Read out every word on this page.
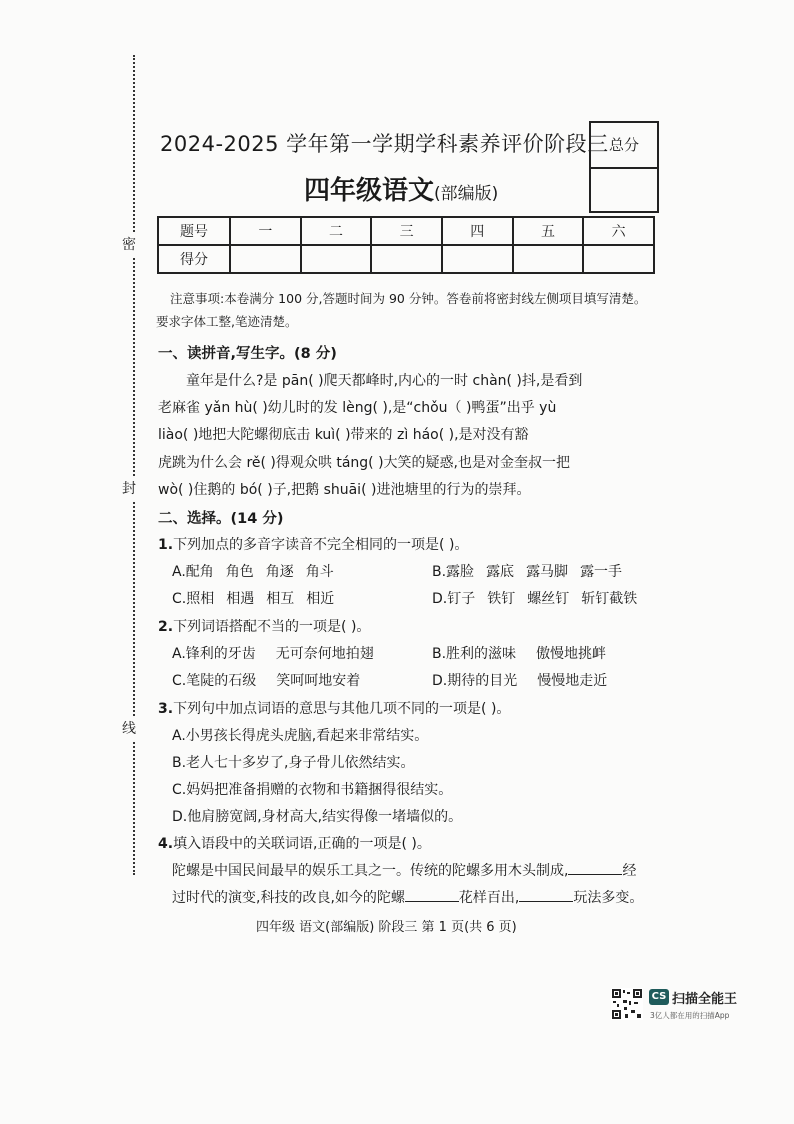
密
封
线
2024-2025 学年第一学期学科素养评价阶段三
四年级语文(部编版)
总分
题号	一	二	三	四	五	六
得分						
注意事项:本卷满分 100 分,答题时间为 90 分钟。答卷前将密封线左侧项目填写清楚。
要求字体工整,笔迹清楚。
一、读拼音,写生字。(8 分)
童年是什么?是 pān( )爬天都峰时,内心的一时 chàn( )抖,是看到
老麻雀 yǎn hù( )幼儿时的发 lèng( ),是“chǒu（ )鸭蛋”出乎 yù
liào( )地把大陀螺彻底击 kuì( )带来的 zì háo( ),是对没有豁
虎跳为什么会 rě( )得观众哄 táng( )大笑的疑惑,也是对金奎叔一把
wò( )住鹅的 bó( )子,把鹅 shuāi( )进池塘里的行为的崇拜。
二、选择。(14 分)
1.下列加点的多音字读音不完全相同的一项是( )。
A.配角 角色 角逐 角斗	B.露脸 露底 露马脚 露一手
C.照相 相遇 相互 相近	D.钉子 铁钉 螺丝钉 斩钉截铁
2.下列词语搭配不当的一项是( )。
A.锋利的牙齿 无可奈何地拍翅	B.胜利的滋味 傲慢地挑衅
C.笔陡的石级 笑呵呵地安着	D.期待的目光 慢慢地走近
3.下列句中加点词语的意思与其他几项不同的一项是( )。
A.小男孩长得虎头虎脑,看起来非常结实。
B.老人七十多岁了,身子骨儿依然结实。
C.妈妈把准备捐赠的衣物和书籍捆得很结实。
D.他肩膀宽阔,身材高大,结实得像一堵墙似的。
4.填入语段中的关联词语,正确的一项是( )。
陀螺是中国民间最早的娱乐工具之一。传统的陀螺多用木头制成,	经
过时代的演变,科技的改良,如今的陀螺	花样百出,	玩法多变。
四年级 语文(部编版) 阶段三 第 1 页(共 6 页)
CS 扫描全能王
3亿人都在用的扫描App
